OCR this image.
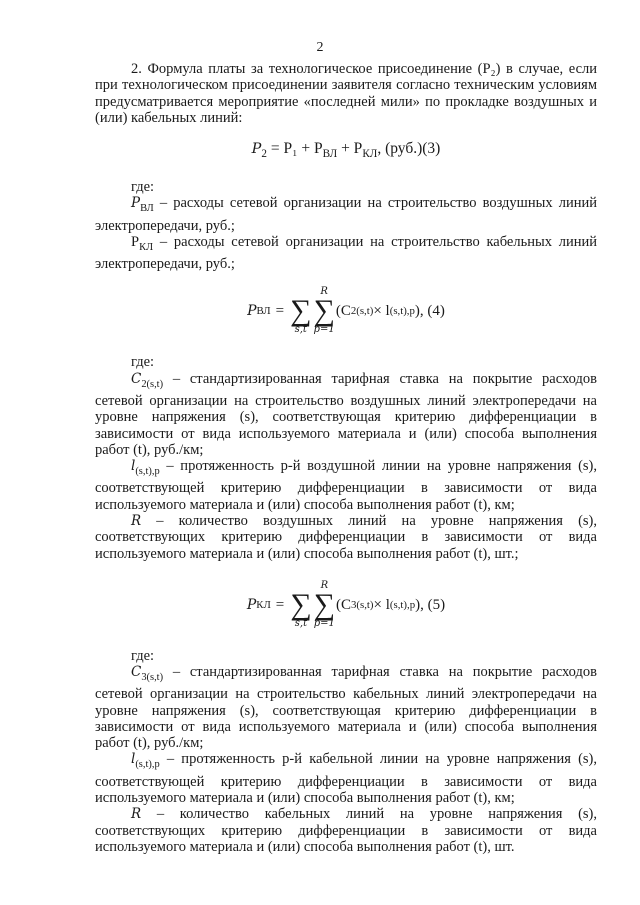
2

2. Формула платы за технологическое присоединение (P₂) в случае, если при технологическом присоединении заявителя согласно техническим условиям предусматривается мероприятие «последней мили» по прокладке воздушных и (или) кабельных линий:

$P_2 = P_1 + P_{ВЛ} + P_{КЛ}$, (руб.)(3)

где:

$P_{ВЛ}$ – расходы сетевой организации на строительство воздушных линий электропередачи, руб.;

$P_{КЛ}$ – расходы сетевой организации на строительство кабельных линий электропередачи, руб.;

P ВЛ = ∑
s,t
R
∑
p=1
(C 2(s,t) × l (s,t),p ), (4)

где:

$C_{2(s,t)}$ – стандартизированная тарифная ставка на покрытие расходов сетевой организации на строительство воздушных линий электропередачи на уровне напряжения (s), соответствующая критерию дифференциации в зависимости от вида используемого материала и (или) способа выполнения работ (t), руб./км;

$l_{(s,t),p}$ – протяженность р-й воздушной линии на уровне напряжения (s), соответствующей критерию дифференциации в зависимости от вида используемого материала и (или) способа выполнения работ (t), км;

R – количество воздушных линий на уровне напряжения (s), соответствующих критерию дифференциации в зависимости от вида используемого материала и (или) способа выполнения работ (t), шт.;

P КЛ = ∑
s,t
R
∑
p=1
(C 3(s,t) × l (s,t),p ), (5)

где:

$C_{3(s,t)}$ – стандартизированная тарифная ставка на покрытие расходов сетевой организации на строительство кабельных линий электропередачи на уровне напряжения (s), соответствующая критерию дифференциации в зависимости от вида используемого материала и (или) способа выполнения работ (t), руб./км;

$l_{(s,t),p}$ – протяженность р-й кабельной линии на уровне напряжения (s), соответствующей критерию дифференциации в зависимости от вида используемого материала и (или) способа выполнения работ (t), км;

R – количество кабельных линий на уровне напряжения (s), соответствующих критерию дифференциации в зависимости от вида используемого материала и (или) способа выполнения работ (t), шт.
